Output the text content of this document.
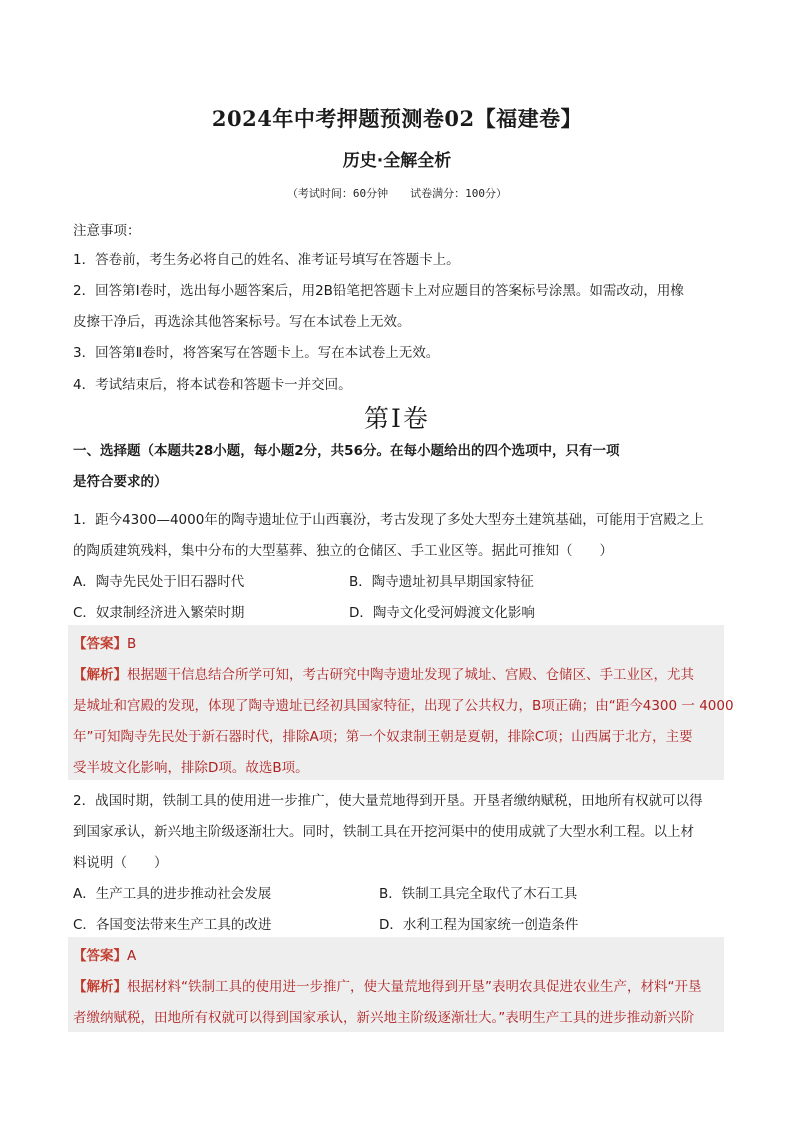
2024年中考押题预测卷02【福建卷】
历史·全解全析
（考试时间：60分钟　　试卷满分：100分）
注意事项：
1．答卷前，考生务必将自己的姓名、准考证号填写在答题卡上。
2．回答第Ⅰ卷时，选出每小题答案后，用2B铅笔把答题卡上对应题目的答案标号涂黑。如需改动，用橡
皮擦干净后，再选涂其他答案标号。写在本试卷上无效。
3．回答第Ⅱ卷时，将答案写在答题卡上。写在本试卷上无效。
4．考试结束后，将本试卷和答题卡一并交回。
第Ⅰ卷
一、选择题（本题共28小题，每小题2分，共56分。在每小题给出的四个选项中，只有一项
是符合要求的）
1．距今4300—4000年的陶寺遗址位于山西襄汾，考古发现了多处大型夯土建筑基础，可能用于宫殿之上
的陶质建筑残料，集中分布的大型墓葬、独立的仓储区、手工业区等。据此可推知（　　）
A．陶寺先民处于旧石器时代	B．陶寺遗址初具早期国家特征
C．奴隶制经济进入繁荣时期	D．陶寺文化受河姆渡文化影响
【答案】B
【解析】根据题干信息结合所学可知，考古研究中陶寺遗址发现了城址、宫殿、仓储区、手工业区，尤其
是城址和宫殿的发现，体现了陶寺遗址已经初具国家特征，出现了公共权力，B项正确；由“距今4300 一 4000
年”可知陶寺先民处于新石器时代，排除A项；第一个奴隶制王朝是夏朝，排除C项；山西属于北方，主要
受半坡文化影响，排除D项。故选B项。
2．战国时期，铁制工具的使用进一步推广，使大量荒地得到开垦。开垦者缴纳赋税，田地所有权就可以得
到国家承认，新兴地主阶级逐渐壮大。同时，铁制工具在开挖河渠中的使用成就了大型水利工程。以上材
料说明（　　）
A．生产工具的进步推动社会发展	B．铁制工具完全取代了木石工具
C．各国变法带来生产工具的改进	D．水利工程为国家统一创造条件
【答案】A
【解析】根据材料“铁制工具的使用进一步推广，使大量荒地得到开垦”表明农具促进农业生产，材料“开垦
者缴纳赋税，田地所有权就可以得到国家承认，新兴地主阶级逐渐壮大。”表明生产工具的进步推动新兴阶
